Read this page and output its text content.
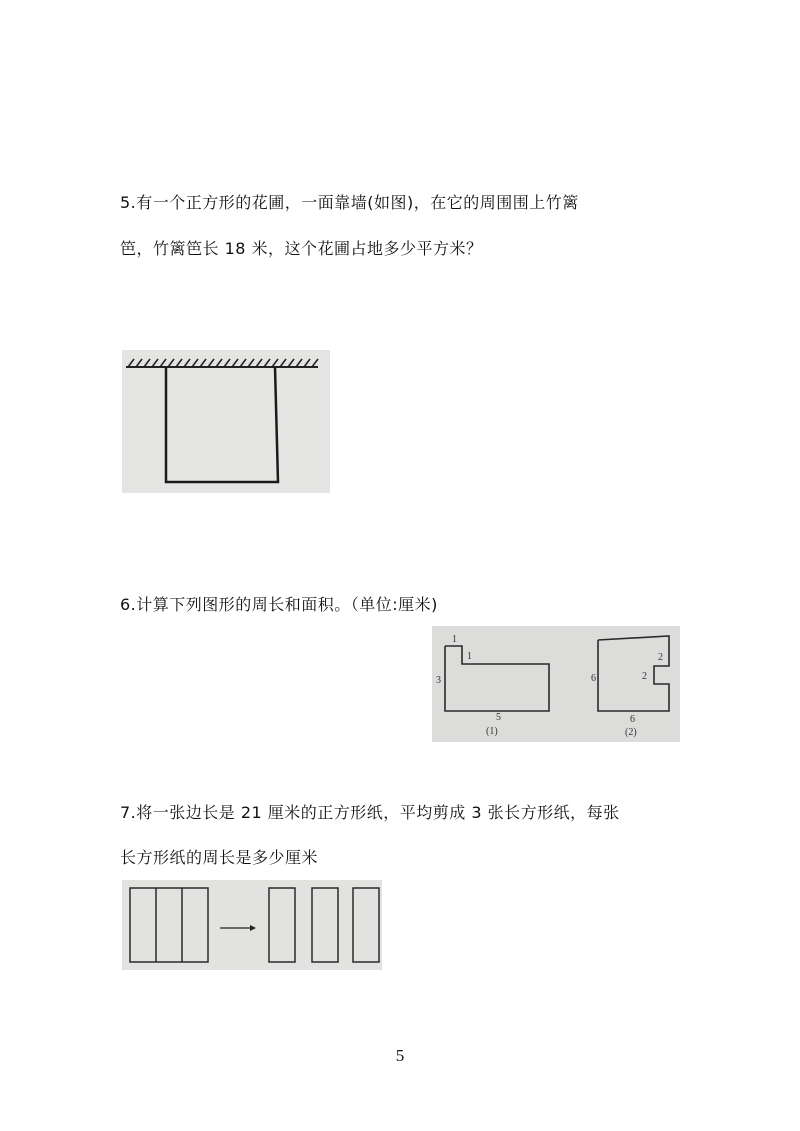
5.有一个正方形的花圃，一面靠墙(如图)，在它的周围围上竹篱
笆，竹篱笆长 18 米，这个花圃占地多少平方米？
6.计算下列图形的周长和面积。（单位:厘米)
1
1
3
5
(1)
6
2
2
6
(2)
7.将一张边长是 21 厘米的正方形纸，平均剪成 3 张长方形纸，每张
长方形纸的周长是多少厘米
5
